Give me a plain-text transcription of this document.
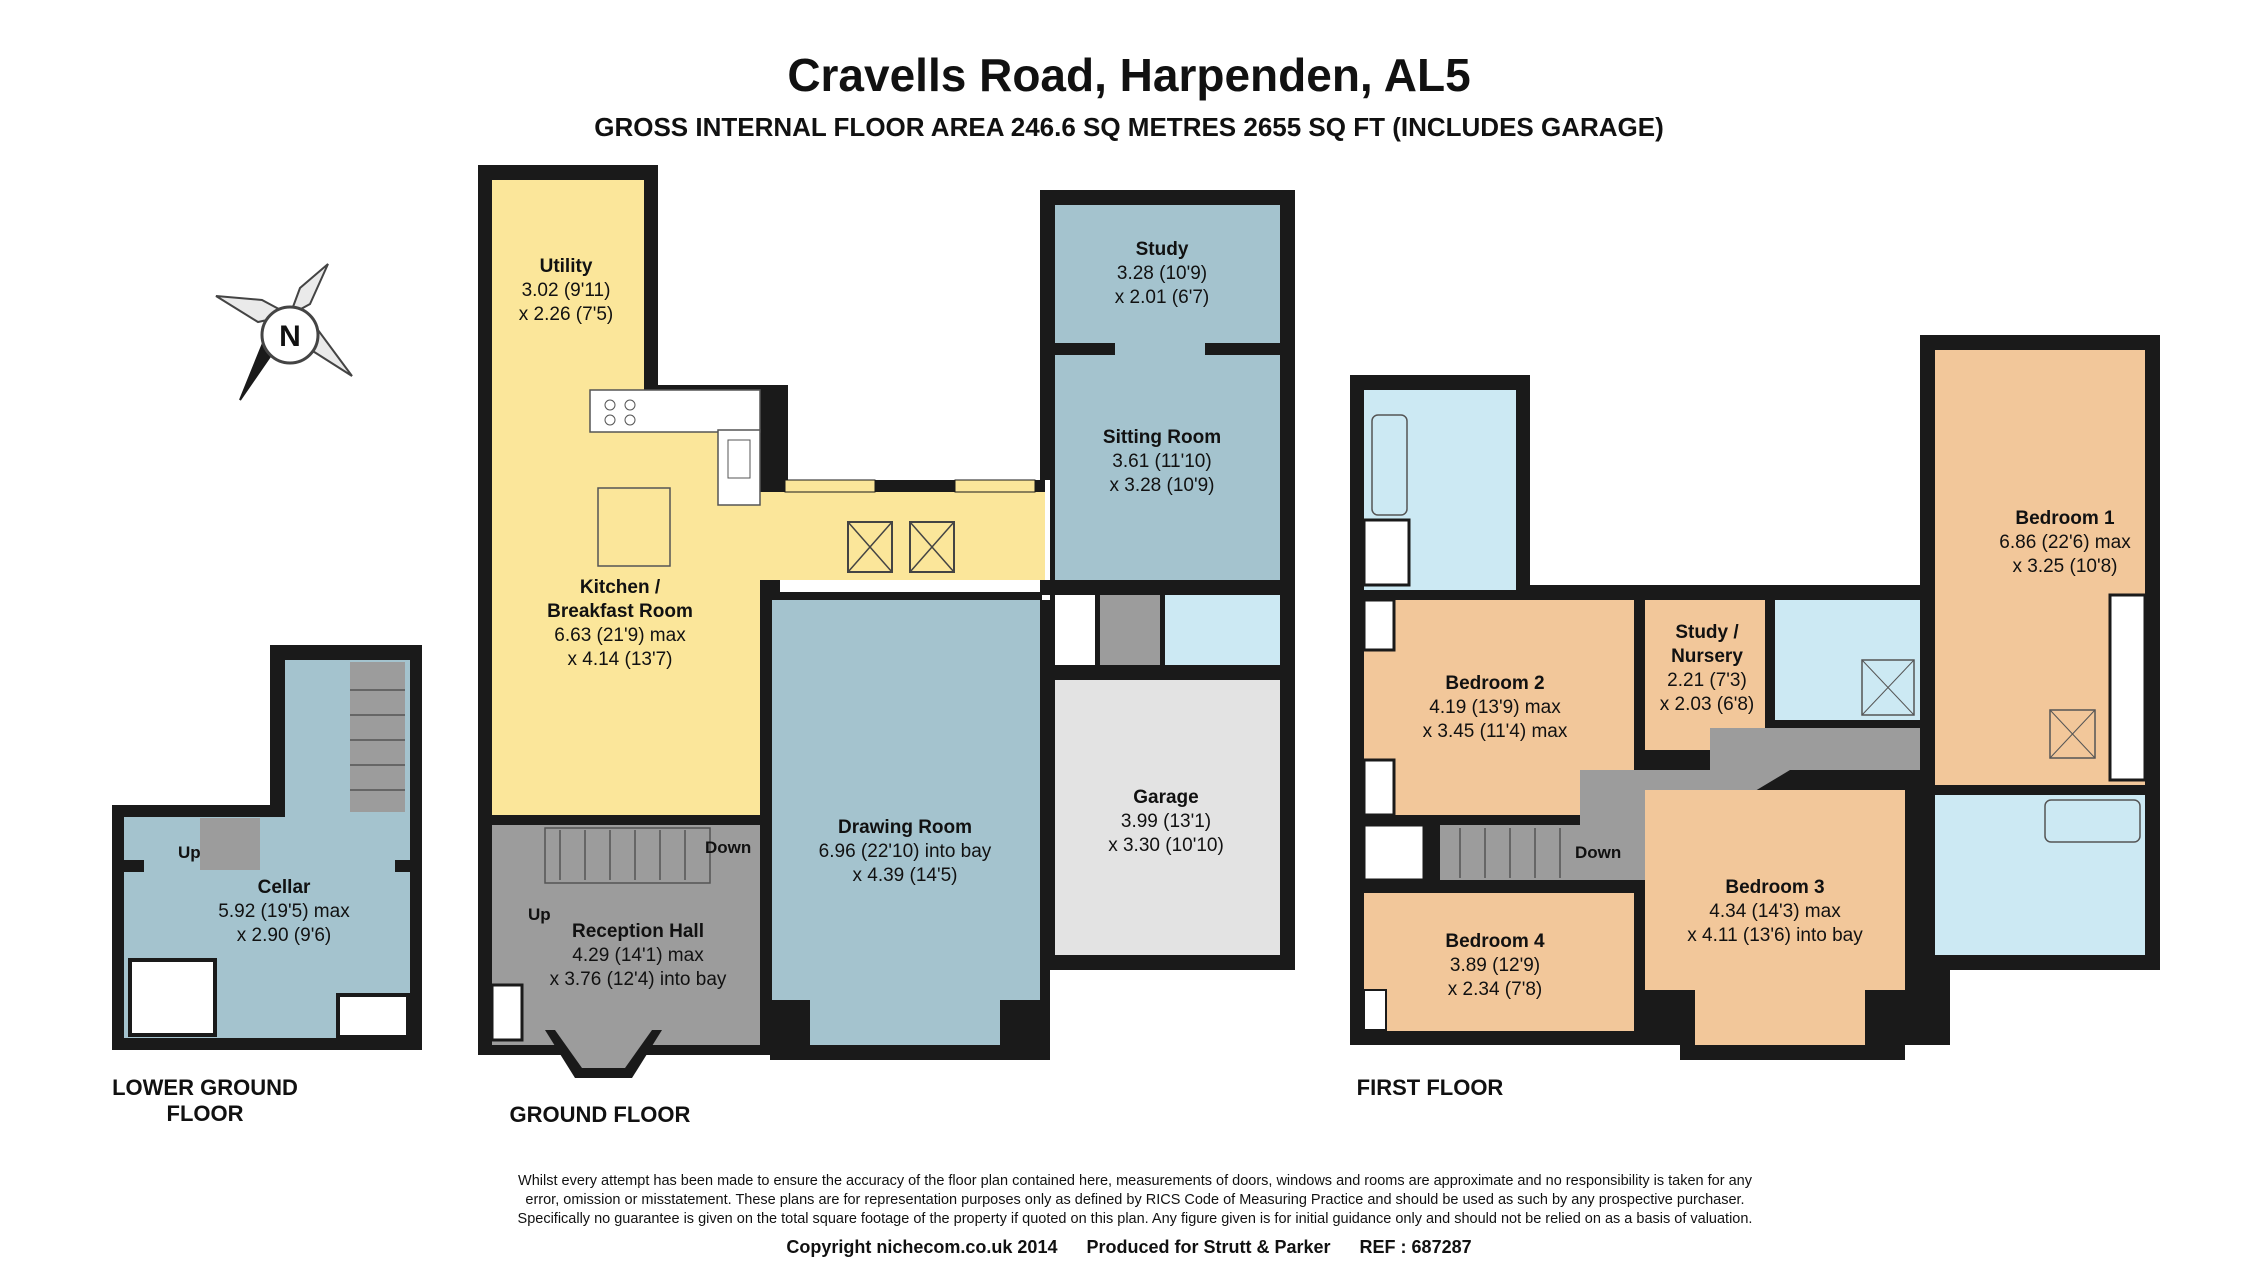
Cravells Road, Harpenden, AL5
GROSS INTERNAL FLOOR AREA 246.6 SQ METRES 2655 SQ FT (INCLUDES GARAGE)
N
Up
Cellar
5.92 (19'5) max
x 2.90 (9'6)
Down
Up
Utility
3.02 (9'11)
x 2.26 (7'5)
Kitchen /
Breakfast Room
6.63 (21'9) max
x 4.14 (13'7)
Study
3.28 (10'9)
x 2.01 (6'7)
Sitting Room
3.61 (11'10)
x 3.28 (10'9)
Drawing Room
6.96 (22'10) into bay
x 4.39 (14'5)
Garage
3.99 (13'1)
x 3.30 (10'10)
Reception Hall
4.29 (14'1) max
x 3.76 (12'4) into bay
Down
Bedroom 1
6.86 (22'6) max
x 3.25 (10'8)
Bedroom 2
4.19 (13'9) max
x 3.45 (11'4) max
Study /
Nursery
2.21 (7'3)
x 2.03 (6'8)
Bedroom 3
4.34 (14'3) max
x 4.11 (13'6) into bay
Bedroom 4
3.89 (12'9)
x 2.34 (7'8)
LOWER GROUND FLOOR	GROUND FLOOR
FIRST FLOOR
Whilst every attempt has been made to ensure the accuracy of the floor plan contained here, measurements of doors, windows and rooms are approximate and no responsibility is taken for any
error, omission or misstatement. These plans are for representation purposes only as defined by RICS Code of Measuring Practice and should be used as such by any prospective purchaser.
Specifically no guarantee is given on the total square footage of the property if quoted on this plan. Any figure given is for initial guidance only and should not be relied on as a basis of valuation.
Copyright nichecom.co.uk 2014 Produced for Strutt & Parker REF : 687287
